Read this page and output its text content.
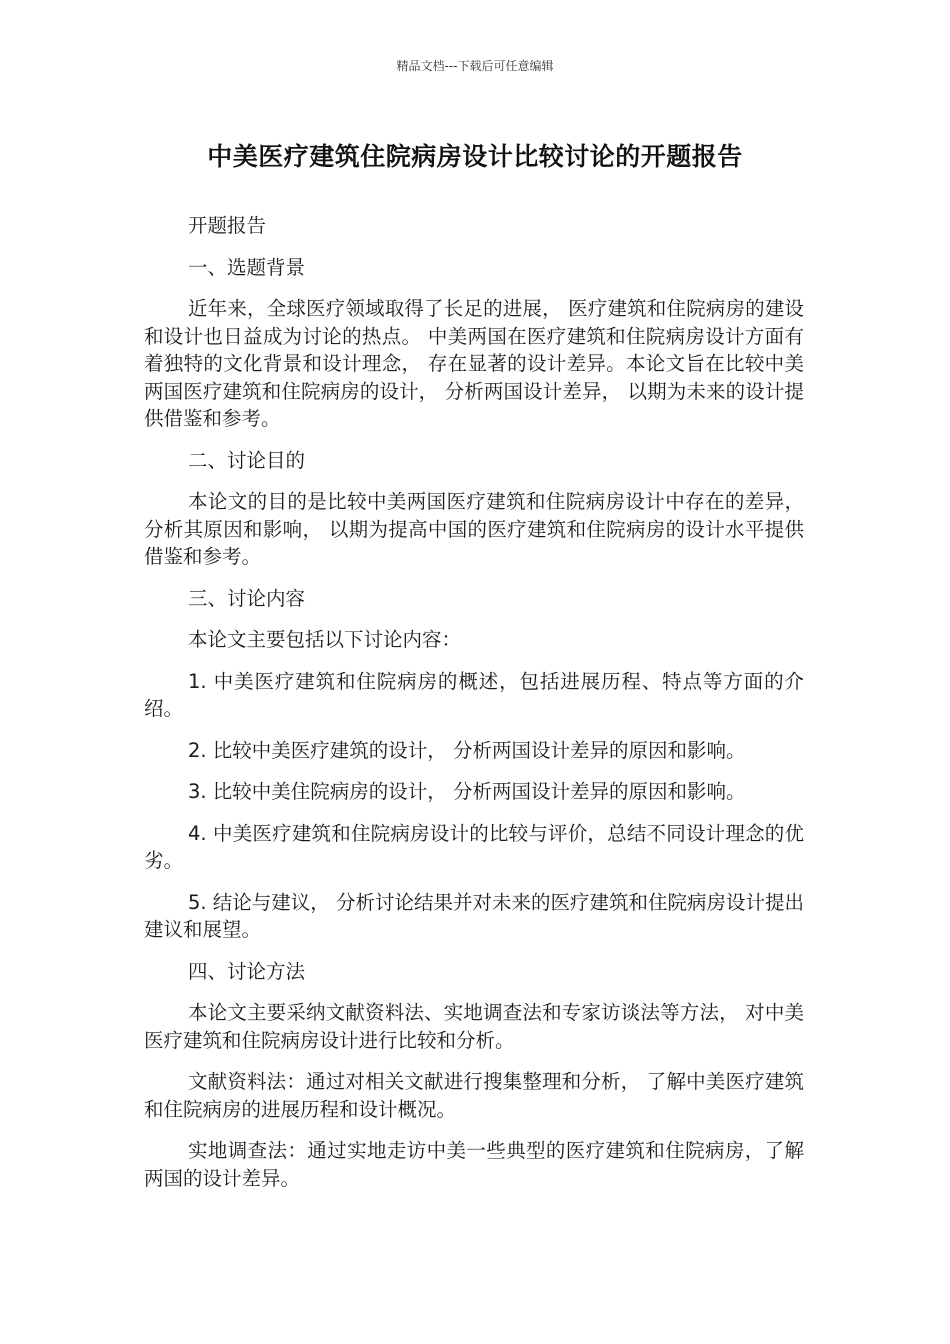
精品文档---下载后可任意编辑
中美医疗建筑住院病房设计比较讨论的开题报告

开题报告

一、选题背景

近年来，全球医疗领域取得了长足的进展， 医疗建筑和住院病房的建设和设计也日益成为讨论的热点。 中美两国在医疗建筑和住院病房设计方面有着独特的文化背景和设计理念， 存在显著的设计差异。本论文旨在比较中美两国医疗建筑和住院病房的设计， 分析两国设计差异， 以期为未来的设计提供借鉴和参考。

二、讨论目的

本论文的目的是比较中美两国医疗建筑和住院病房设计中存在的差异， 分析其原因和影响， 以期为提高中国的医疗建筑和住院病房的设计水平提供借鉴和参考。

三、讨论内容

本论文主要包括以下讨论内容：

1. 中美医疗建筑和住院病房的概述，包括进展历程、特点等方面的介绍。

2. 比较中美医疗建筑的设计， 分析两国设计差异的原因和影响。

3. 比较中美住院病房的设计， 分析两国设计差异的原因和影响。

4. 中美医疗建筑和住院病房设计的比较与评价，总结不同设计理念的优劣。

5. 结论与建议， 分析讨论结果并对未来的医疗建筑和住院病房设计提出建议和展望。

四、讨论方法

本论文主要采纳文献资料法、实地调查法和专家访谈法等方法， 对中美医疗建筑和住院病房设计进行比较和分析。

文献资料法：通过对相关文献进行搜集整理和分析， 了解中美医疗建筑和住院病房的进展历程和设计概况。

实地调查法：通过实地走访中美一些典型的医疗建筑和住院病房，了解两国的设计差异。
